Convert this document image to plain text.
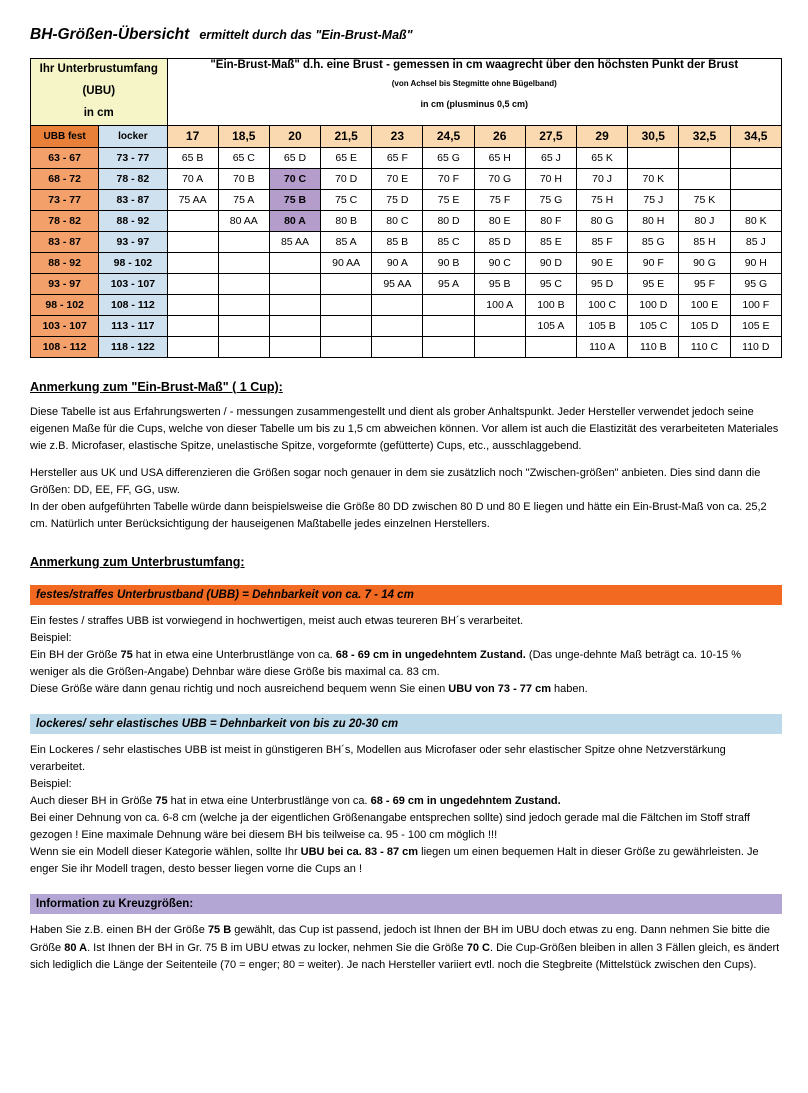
BH-Größen-Übersicht ermittelt durch das "Ein-Brust-Maß"
Ihr Unterbrustumfang
(UBU)
in cm

"Ein-Brust-Maß" d.h. eine Brust - gemessen in cm waagrecht über den höchsten Punkt der Brust
(von Achsel bis Stegmitte ohne Bügelband)
in cm (plusminus 0,5 cm)

UBB fest	locker	17	18,5	20	21,5	23	24,5	26	27,5	29	30,5	32,5	34,5
63 - 67	73 - 77	65 B	65 C	65 D	65 E	65 F	65 G	65 H	65 J	65 K			
68 - 72	78 - 82	70 A	70 B	70 C	70 D	70 E	70 F	70 G	70 H	70 J	70 K		
73 - 77	83 - 87	75 AA	75 A	75 B	75 C	75 D	75 E	75 F	75 G	75 H	75 J	75 K	
78 - 82	88 - 92		80 AA	80 A	80 B	80 C	80 D	80 E	80 F	80 G	80 H	80 J	80 K
83 - 87	93 - 97			85 AA	85 A	85 B	85 C	85 D	85 E	85 F	85 G	85 H	85 J
88 - 92	98 - 102				90 AA	90 A	90 B	90 C	90 D	90 E	90 F	90 G	90 H
93 - 97	103 - 107					95 AA	95 A	95 B	95 C	95 D	95 E	95 F	95 G
98 - 102	108 - 112							100 A	100 B	100 C	100 D	100 E	100 F
103 - 107	113 - 117								105 A	105 B	105 C	105 D	105 E
108 - 112	118 - 122									110 A	110 B	110 C	110 D
Anmerkung zum "Ein-Brust-Maß" ( 1 Cup):

Diese Tabelle ist aus Erfahrungswerten / - messungen zusammengestellt und dient als grober Anhaltspunkt. Jeder Hersteller verwendet jedoch seine eigenen Maße für die Cups, welche von dieser Tabelle um bis zu 1,5 cm abweichen können. Vor allem ist auch die Elastizität des verarbeiteten Materiales wie z.B. Microfaser, elastische Spitze, unelastische Spitze, vorgeformte (gefütterte) Cups, etc., ausschlaggebend.

Hersteller aus UK und USA differenzieren die Größen sogar noch genauer in dem sie zusätzlich noch "Zwischen-größen" anbieten. Dies sind dann die Größen: DD, EE, FF, GG, usw.

In der oben aufgeführten Tabelle würde dann beispielsweise die Größe 80 DD zwischen 80 D und 80 E liegen und hätte ein Ein-Brust-Maß von ca. 25,2 cm. Natürlich unter Berücksichtigung der hauseigenen Maßtabelle jedes einzelnen Herstellers.

Anmerkung zum Unterbrustumfang:
festes/straffes Unterbrustband (UBB) = Dehnbarkeit von ca. 7 - 14 cm

Ein festes / straffes UBB ist vorwiegend in hochwertigen, meist auch etwas teureren BH´s verarbeitet.

Beispiel:

Ein BH der Größe 75 hat in etwa eine Unterbrustlänge von ca. 68 - 69 cm in ungedehntem Zustand. (Das unge-dehnte Maß beträgt ca. 10-15 % weniger als die Größen-Angabe) Dehnbar wäre diese Größe bis maximal ca. 83 cm.

Diese Größe wäre dann genau richtig und noch ausreichend bequem wenn Sie einen UBU von 73 - 77 cm haben.

lockeres/ sehr elastisches UBB = Dehnbarkeit von bis zu 20-30 cm

Ein Lockeres / sehr elastisches UBB ist meist in günstigeren BH´s, Modellen aus Microfaser oder sehr elastischer Spitze ohne Netzverstärkung verarbeitet.

Beispiel:

Auch dieser BH in Größe 75 hat in etwa eine Unterbrustlänge von ca. 68 - 69 cm in ungedehntem Zustand.

Bei einer Dehnung von ca. 6-8 cm (welche ja der eigentlichen Größenangabe entsprechen sollte) sind jedoch gerade mal die Fältchen im Stoff straff gezogen ! Eine maximale Dehnung wäre bei diesem BH bis teilweise ca. 95 - 100 cm möglich !!!

Wenn sie ein Modell dieser Kategorie wählen, sollte Ihr UBU bei ca. 83 - 87 cm liegen um einen bequemen Halt in dieser Größe zu gewährleisten. Je enger Sie ihr Modell tragen, desto besser liegen vorne die Cups an !

Information zu Kreuzgrößen:

Haben Sie z.B. einen BH der Größe 75 B gewählt, das Cup ist passend, jedoch ist Ihnen der BH im UBU doch etwas zu eng. Dann nehmen Sie bitte die Größe 80 A. Ist Ihnen der BH in Gr. 75 B im UBU etwas zu locker, nehmen Sie die Größe 70 C. Die Cup-Größen bleiben in allen 3 Fällen gleich, es ändert sich lediglich die Länge der Seitenteile (70 = enger; 80 = weiter). Je nach Hersteller variiert evtl. noch die Stegbreite (Mittelstück zwischen den Cups).
